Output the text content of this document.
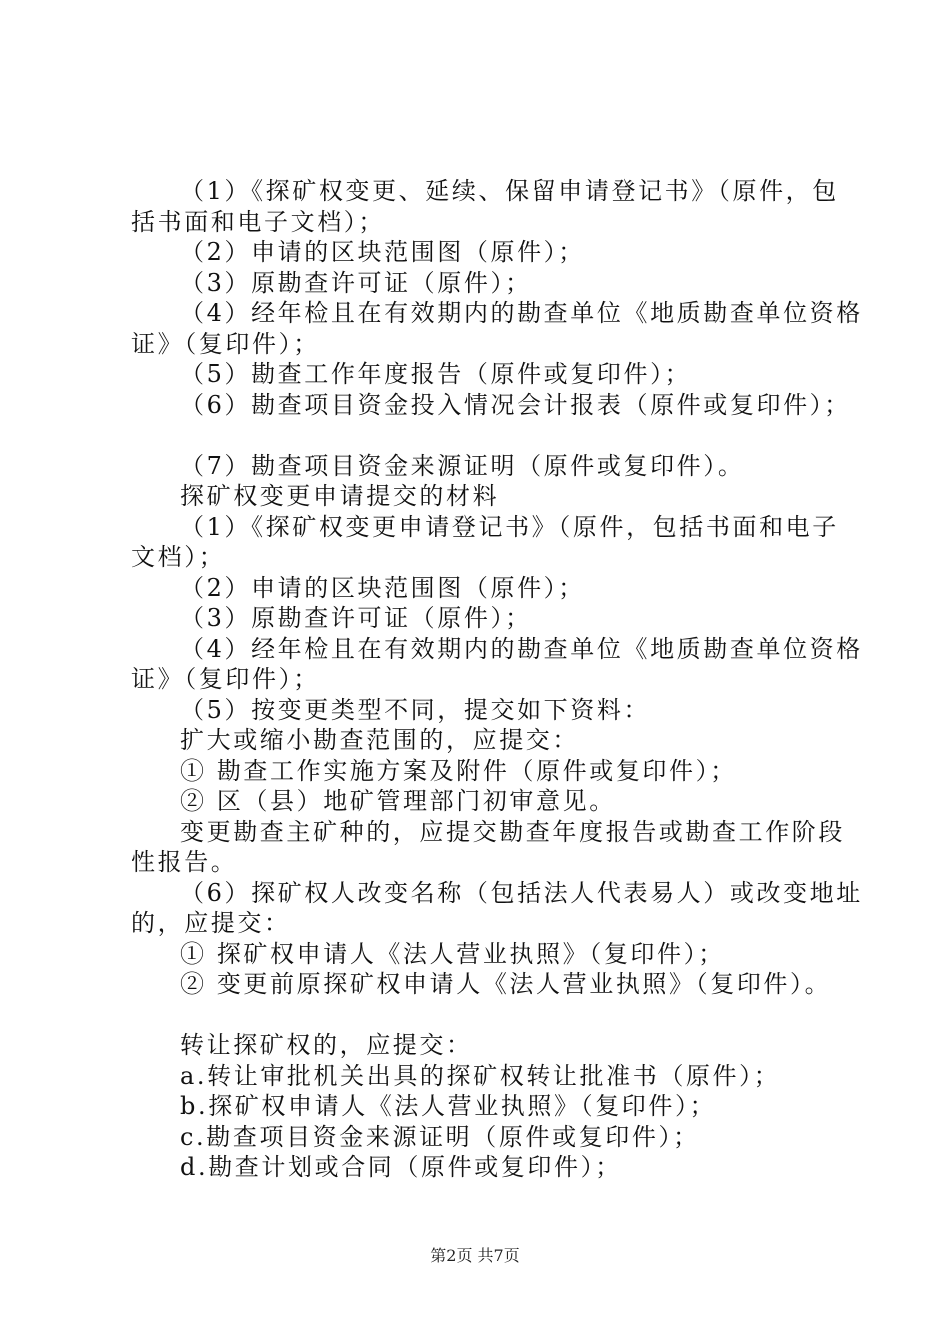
（1）《探矿权变更、延续、保留申请登记书》（原件，包
括书面和电子文档）；
（2）申请的区块范围图（原件）；
（3）原勘查许可证（原件）；
（4）经年检且在有效期内的勘查单位《地质勘查单位资格
证》（复印件）；
（5）勘查工作年度报告（原件或复印件）；
（6）勘查项目资金投入情况会计报表（原件或复印件）；
（7）勘查项目资金来源证明（原件或复印件）。
探矿权变更申请提交的材料
（1）《探矿权变更申请登记书》（原件，包括书面和电子
文档）；
（2）申请的区块范围图（原件）；
（3）原勘查许可证（原件）；
（4）经年检且在有效期内的勘查单位《地质勘查单位资格
证》（复印件）；
（5）按变更类型不同，提交如下资料：
扩大或缩小勘查范围的，应提交：
① 勘查工作实施方案及附件（原件或复印件）；
② 区（县）地矿管理部门初审意见。
变更勘查主矿种的，应提交勘查年度报告或勘查工作阶段
性报告。
（6）探矿权人改变名称（包括法人代表易人）或改变地址
的，应提交：
① 探矿权申请人《法人营业执照》（复印件）；
② 变更前原探矿权申请人《法人营业执照》（复印件）。
转让探矿权的，应提交：
a.转让审批机关出具的探矿权转让批准书（原件）；
b.探矿权申请人《法人营业执照》（复印件）；
c.勘查项目资金来源证明（原件或复印件）；
d.勘查计划或合同（原件或复印件）；
第2页 共7页
